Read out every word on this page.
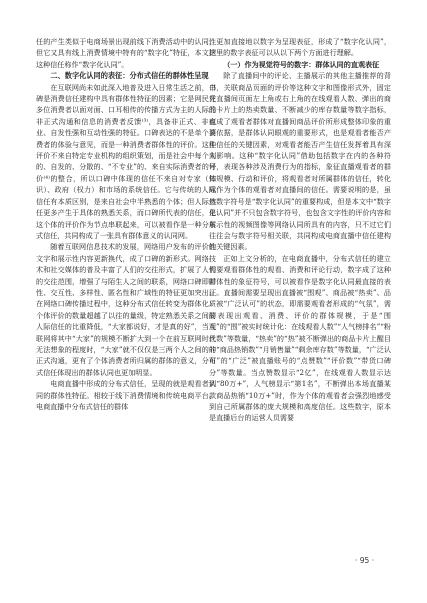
任的产生类似于电商场景出现前线下消费活动中的认同，但它又具有线上消费情境中特有的“数字化”特征，本文把这种信任称作“数字化认同”。

二、数字化认同的表征：分布式信任的群体性呈现

在互联网尚未如此深入地普及进入日常生活之前，口碑是消费信任建构中具有群体性特征的因素；它是网民凭多位消费者以面对面、口耳相传的传播方式为主的人际的非正式沟通和信息的消费者反馈⁽³⁾，具备非正式、非商业、自发性强和互动性强的特征。口碑表达的不是单个消费者的体验与意见，而是一种消费者群体性的评价。这种评价不来自特定专业机构的组织策划，而是社会中每个人的、自发的、分散的、“不专业”的、来自实际消费者的评价⁽⁴⁾的整合，所以口碑中体现的信任不来自对专家（知识）、政府（权力）和市场的系统信任。它与传统的人际信任有本质区别，是来自社会中半熟悉的个体；但人际信任更多产生于具体的熟悉关系，而口碑所代表的信任，是这个体的评价作为节点串联起来，可以被看作是一种分布式信任，共同构成了一张具有群体意义的认同网。

随着互联网信息技术的发展，网络用户发布的评价性文字和展示性内容更新换代，成了口碑的新形式。网络技术和社交媒体的普及丰富了人们的交往形式，扩展了人们的交往范围，增强了与陌生人之间的联系，网络口碑即时性、交互性、多样性、匿名性和广域性的特征更加突出。在网络口碑传播过程中，这种分布式信任转变为群体化：个体评价的数量超越了以往的量级，特定熟悉关系之间的人际信任的比重降低，“大家都说好，才是真的好”，当互联网将其中“大家”的规模不断扩大到一个在前互联网时代无法想象的程度时，“大家”就不仅仅是三两个人之间的非正式沟通，更有了个体消费者所归属的群体的意义，分布式信任体现出的群体认同也更加明显。

电商直播中形成的分布式信任，呈现的就是观看者认同的群体性特征。相较于线下消费情境和传统电商平台，电商直播中分布式信任的群体

性更加直接地以数字为呈现表征，形成了“数字化认同”，这里的数字表征可以从以下两个方面进行理解。

（一）作为视觉符号的数字：群体认同的直观表征

除了直播间中的评论、主播展示的其他主播推荐的背书，关联商品页面的评价等这种文字和图像形式外，固定在直播间页面左上角或右上角的在线观看人数、弹出的商品卡片上的热卖数量、不断减少的库存数量等数字指标，也成了观看者群体对直播间商品评价所形成整体印象的重要依据，是群体认同眼观的重要形式，也是观看者能否产生信任的关键因素，对观看者能否产生信任发挥着具有深刻影响。这种“数字化认同”借助包括数字在内的各种符号，表现各种涉及消费行为的指标，象征直播观看者的群体规模、行动和评价，将观看者对所属群体的信任，转化成作为个体的观看者对直播间的信任。需要说明的是，虽然数字符号是“数字化认同”的重要构成，但是本文中“数字化认同”并不只包含数字符号，也包含文字性的评价内容和展示性的视频图像等网络认同所具有的内容，只不过它们往往会与数字符号相关联，共同构成电商直播中信任建构的关键因素。

正如上文分析的，在电商直播中，分布式信任的建立需要观看群体性的观看、消费和评论行动，数字成了这种群体性的象征符号，可以被看作是数字化认同最直接的表征。直播间需要呈现出直播被“围观”、商品被“热卖”、品质被“广泛认可”的状态，即需要观看者形成的“气氛”，需要表现出观看、消费、评价的群体规模，于是“围观”的“围”被实时统计化：在线观看人数”“人气榜排名”“粉丝数”等数量，“热卖”的“热”被不断弹出的商品卡片上醒目的“商品热销数”“月销售量”“剩余库存数”等数量，“广泛认可”的“广泛”被直播账号的“点赞数”“评价数”“带货口碑分”等数量。当点赞数显示“2亿”，在线观看人数显示达到“80万+”，人气榜显示“第1名”，不断弹出本场直播某款商品热销“10万+”时，作为个体的观看者会强烈地感受到自己所属群体的庞大规模和高度信任。这些数字，原本是直播后台的运营人员需要

· 95 ·
